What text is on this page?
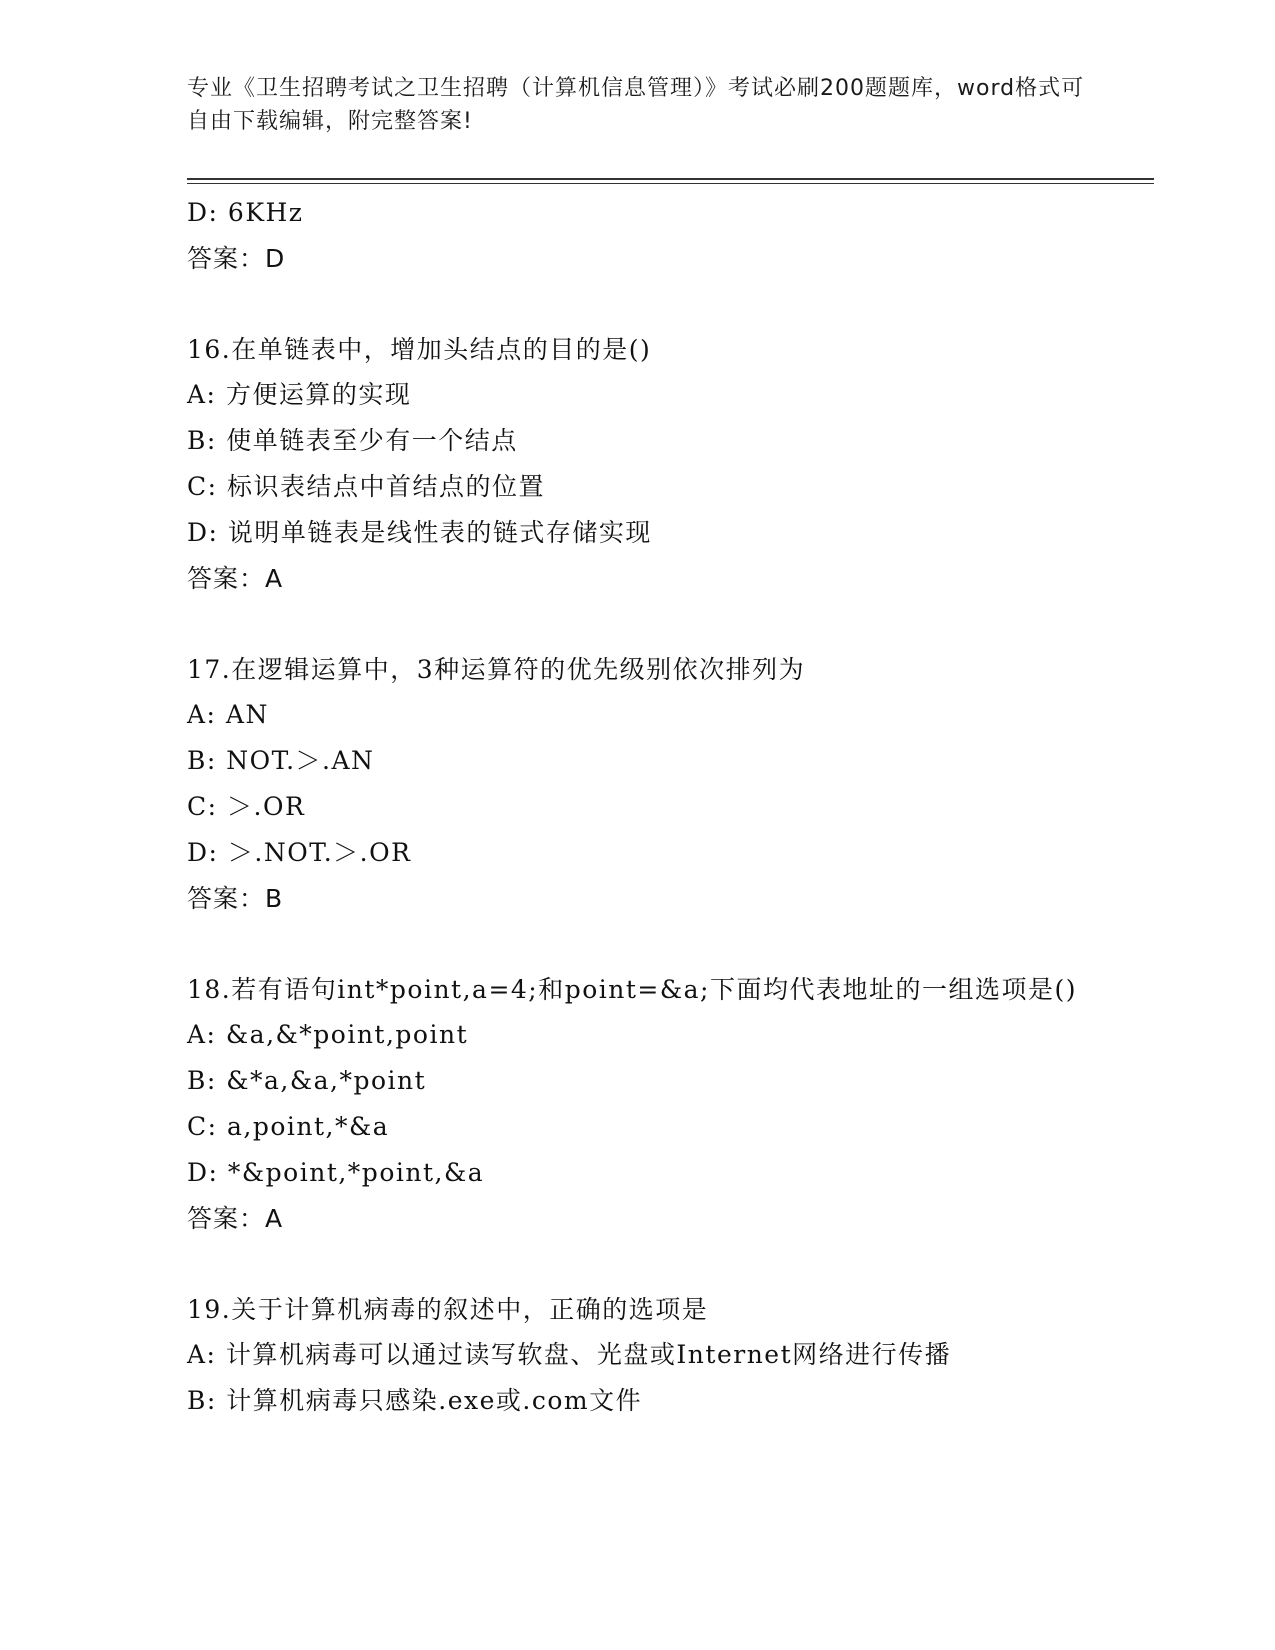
专业《卫生招聘考试之卫生招聘（计算机信息管理）》考试必刷200题题库，word格式可自由下载编辑，附完整答案!
D: 6KHz
答案：D
16.在单链表中，增加头结点的目的是()
A: 方便运算的实现
B: 使单链表至少有一个结点
C: 标识表结点中首结点的位置
D: 说明单链表是线性表的链式存储实现
答案：A
17.在逻辑运算中，3种运算符的优先级别依次排列为
A: AN
B: NOT.＞.AN
C: ＞.OR
D: ＞.NOT.＞.OR
答案：B
18.若有语句int*point,a=4;和point=&a;下面均代表地址的一组选项是()
A: &a,&*point,point
B: &*a,&a,*point
C: a,point,*&a
D: *&point,*point,&a
答案：A
19.关于计算机病毒的叙述中，正确的选项是
A: 计算机病毒可以通过读写软盘、光盘或Internet网络进行传播
B: 计算机病毒只感染.exe或.com文件
